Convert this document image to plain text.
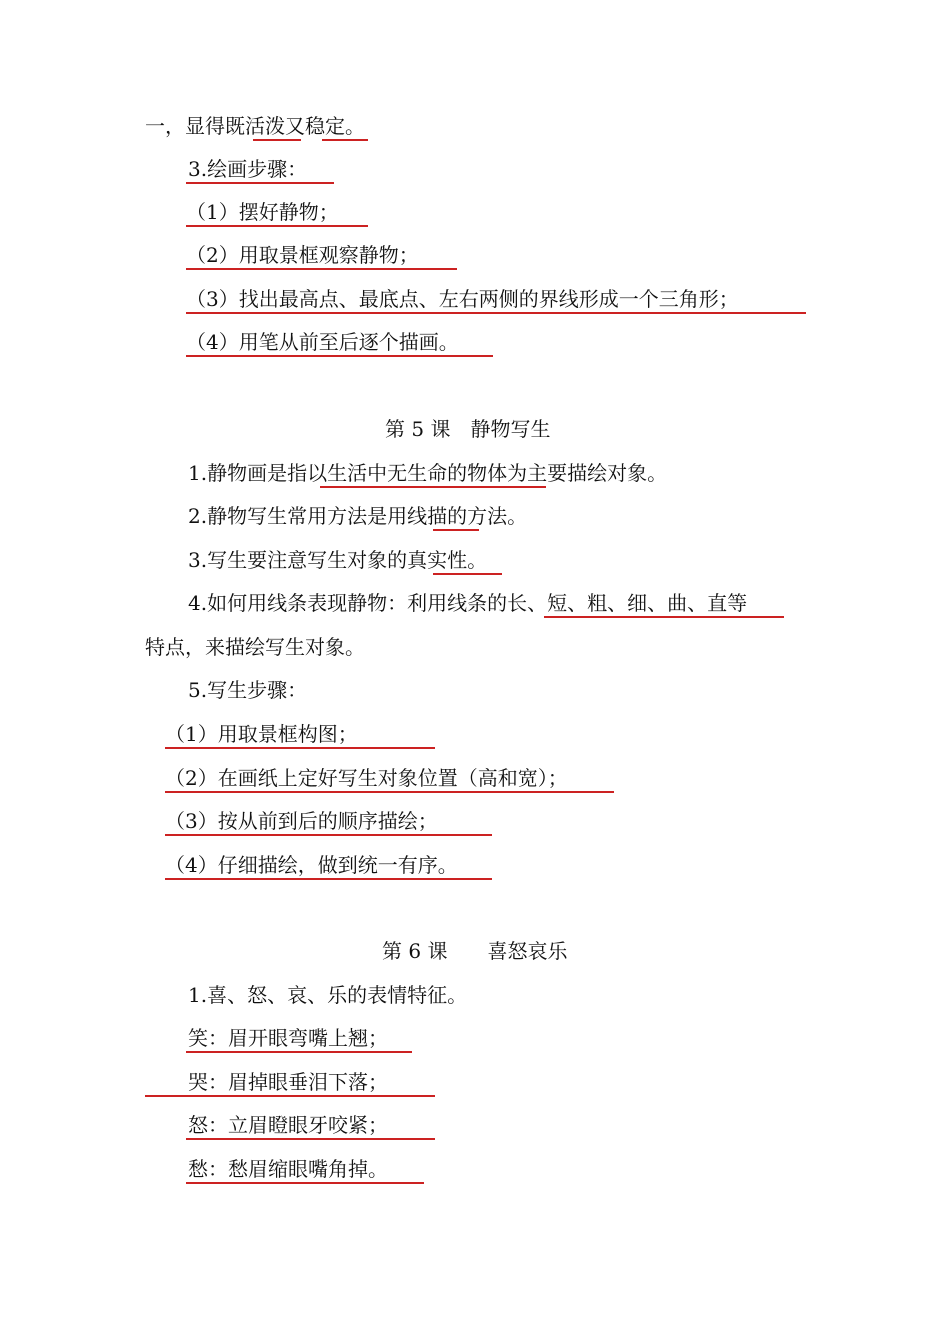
一，显得既活泼又稳定。
3.绘画步骤：
（1）摆好静物；
（2）用取景框观察静物；
（3）找出最高点、最底点、左右两侧的界线形成一个三角形；
（4）用笔从前至后逐个描画。
第 5 课　静物写生
1.静物画是指以生活中无生命的物体为主要描绘对象。
2.静物写生常用方法是用线描的方法。
3.写生要注意写生对象的真实性。
4.如何用线条表现静物：利用线条的长、短、粗、细、曲、直等
特点，来描绘写生对象。
5.写生步骤：
（1）用取景框构图；
（2）在画纸上定好写生对象位置（高和宽）；
（3）按从前到后的顺序描绘；
（4）仔细描绘，做到统一有序。
第 6 课　　喜怒哀乐
1.喜、怒、哀、乐的表情特征。
笑：眉开眼弯嘴上翘；
哭：眉掉眼垂泪下落；
怒：立眉瞪眼牙咬紧；
愁：愁眉缩眼嘴角掉。
